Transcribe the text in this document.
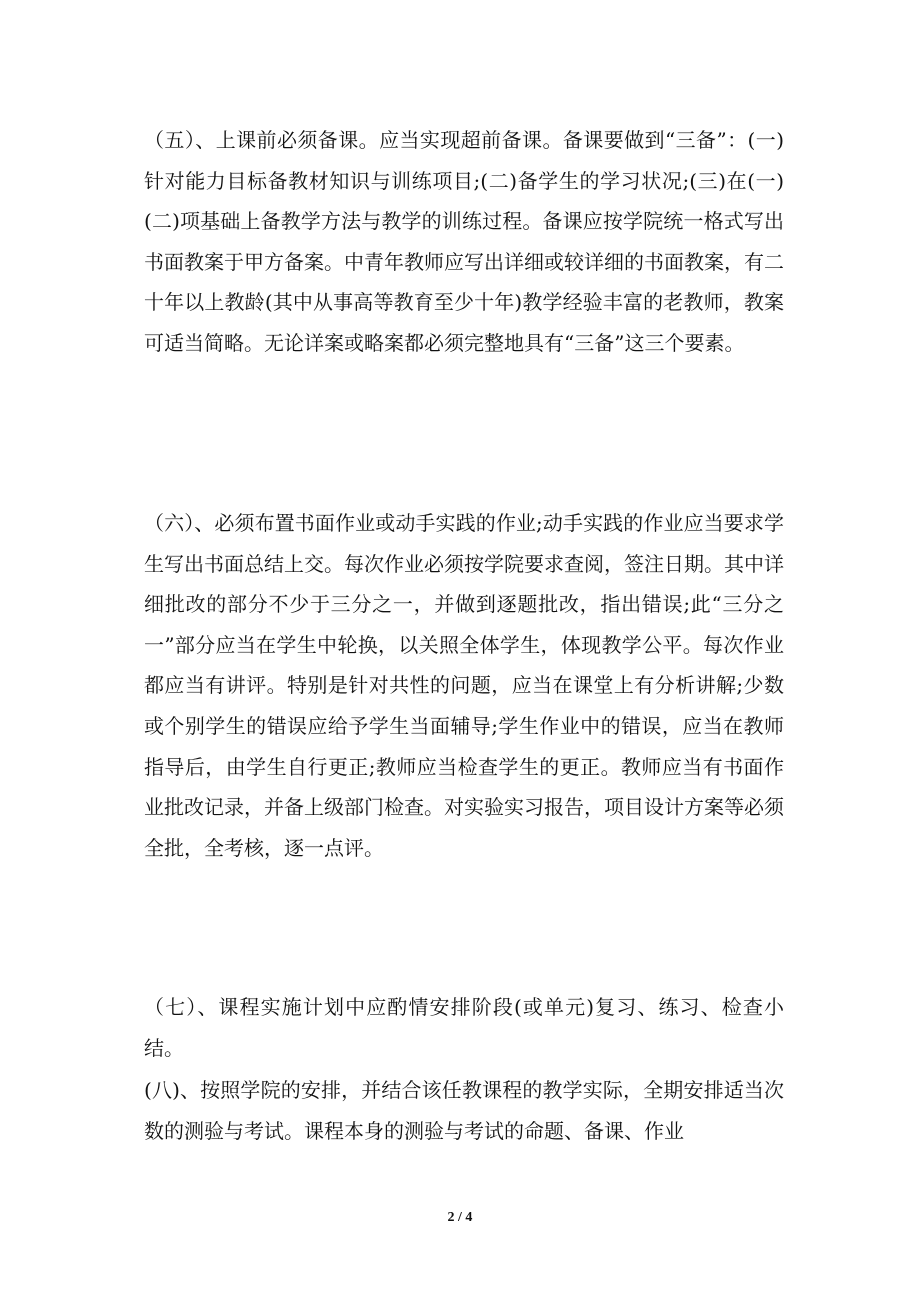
（五）、上课前必须备课。应当实现超前备课。备课要做到“三备”：(一)针对能力目标备教材知识与训练项目;(二)备学生的学习状况;(三)在(一)(二)项基础上备教学方法与教学的训练过程。备课应按学院统一格式写出书面教案于甲方备案。中青年教师应写出详细或较详细的书面教案，有二十年以上教龄(其中从事高等教育至少十年)教学经验丰富的老教师，教案可适当简略。无论详案或略案都必须完整地具有“三备”这三个要素。

（六）、必须布置书面作业或动手实践的作业;动手实践的作业应当要求学生写出书面总结上交。每次作业必须按学院要求查阅，签注日期。其中详细批改的部分不少于三分之一，并做到逐题批改，指出错误;此“三分之一”部分应当在学生中轮换，以关照全体学生，体现教学公平。每次作业都应当有讲评。特别是针对共性的问题，应当在课堂上有分析讲解;少数或个别学生的错误应给予学生当面辅导;学生作业中的错误，应当在教师指导后，由学生自行更正;教师应当检查学生的更正。教师应当有书面作业批改记录，并备上级部门检查。对实验实习报告，项目设计方案等必须全批，全考核，逐一点评。

（七）、课程实施计划中应酌情安排阶段(或单元)复习、练习、检查小结。

(八)、按照学院的安排，并结合该任教课程的教学实际，全期安排适当次数的测验与考试。课程本身的测验与考试的命题、备课、作业

2 / 4
